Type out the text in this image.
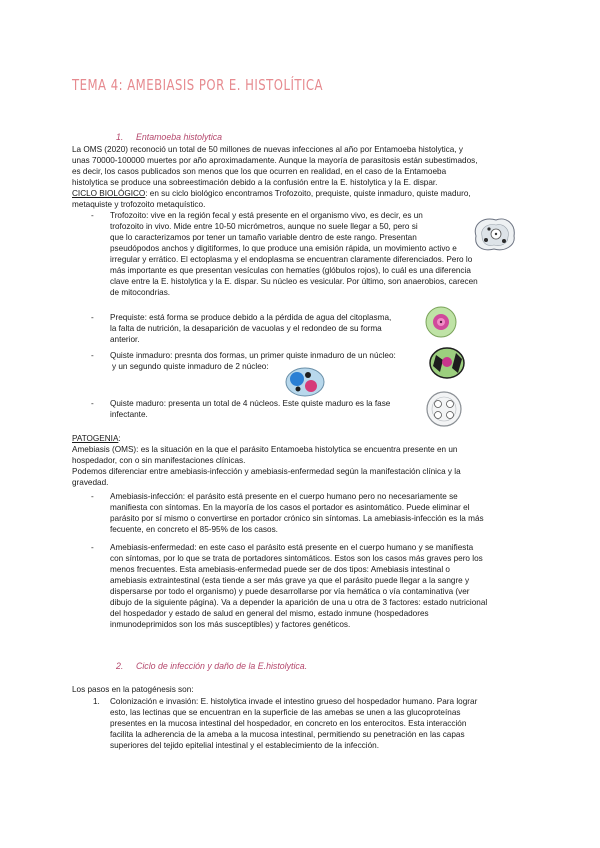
TEMA 4: AMEBIASIS POR E. HISTOLÍTICA
1. Entamoeba histolytica
La OMS (2020) reconoció un total de 50 millones de nuevas infecciones al año por Entamoeba histolytica, y
unas 70000-100000 muertes por año aproximadamente. Aunque la mayoría de parasitosis están subestimados,
es decir, los casos publicados son menos que los que ocurren en realidad, en el caso de la Entamoeba
histolytica se produce una sobreestimación debido a la confusión entre la E. histolytica y la E. dispar.
CICLO BIOLÓGICO: en su ciclo biológico encontramos Trofozoito, prequiste, quiste inmaduro, quiste maduro,
metaquiste y trofozoito metaquístico.
- Trofozoito: vive en la región fecal y está presente en el organismo vivo, es decir, es un
trofozoito in vivo. Mide entre 10-50 micrómetros, aunque no suele llegar a 50, pero si
que lo caracterizamos por tener un tamaño variable dentro de este rango. Presentan
pseudópodos anchos y digitiformes, lo que produce una emisión rápida, un movimiento activo e
irregular y errático. El ectoplasma y el endoplasma se encuentran claramente diferenciados. Pero lo
más importante es que presentan vesículas con hematíes (glóbulos rojos), lo cuál es una diferencia
clave entre la E. histolytica y la E. dispar. Su núcleo es vesicular. Por último, son anaerobios, carecen
de mitocondrias.
- Prequiste: está forma se produce debido a la pérdida de agua del citoplasma,
la falta de nutrición, la desaparición de vacuolas y el redondeo de su forma
anterior.
- Quiste inmaduro: presnta dos formas, un primer quiste inmaduro de un núcleo:
y un segundo quiste inmaduro de 2 núcleo:
- Quiste maduro: presenta un total de 4 núcleos. Este quiste maduro es la fase
infectante.
PATOGENIA:
Amebiasis (OMS): es la situación en la que el parásito Entamoeba histolytica se encuentra presente en un
hospedador, con o sin manifestaciones clínicas.
Podemos diferenciar entre amebiasis-infección y amebiasis-enfermedad según la manifestación clínica y la
gravedad.
- Amebiasis-infección: el parásito está presente en el cuerpo humano pero no necesariamente se
manifiesta con síntomas. En la mayoría de los casos el portador es asintomático. Puede eliminar el
parásito por sí mismo o convertirse en portador crónico sin síntomas. La amebiasis-infección es la más
fecuente, en concreto el 85-95% de los casos.
- Amebiasis-enfermedad: en este caso el parásito está presente en el cuerpo humano y se manifiesta
con síntomas, por lo que se trata de portadores sintomáticos. Estos son los casos más graves pero los
menos frecuentes. Esta amebiasis-enfermedad puede ser de dos tipos: Amebiasis intestinal o
amebiasis extraintestinal (esta tiende a ser más grave ya que el parásito puede llegar a la sangre y
dispersarse por todo el organismo) y puede desarrollarse por vía hemática o vía contaminativa (ver
dibujo de la siguiente página). Va a depender la aparición de una u otra de 3 factores: estado nutricional
del hospedador y estado de salud en general del mismo, estado inmune (hospedadores
inmunodeprimidos son los más susceptibles) y factores genéticos.
2. Ciclo de infección y daño de la E.histolytica.
Los pasos en la patogénesis son:
1. Colonización e invasión: E. histolytica invade el intestino grueso del hospedador humano. Para lograr
esto, las lectinas que se encuentran en la superficie de las amebas se unen a las glucoproteínas
presentes en la mucosa intestinal del hospedador, en concreto en los enterocitos. Esta interacción
facilita la adherencia de la ameba a la mucosa intestinal, permitiendo su penetración en las capas
superiores del tejido epitelial intestinal y el establecimiento de la infección.
